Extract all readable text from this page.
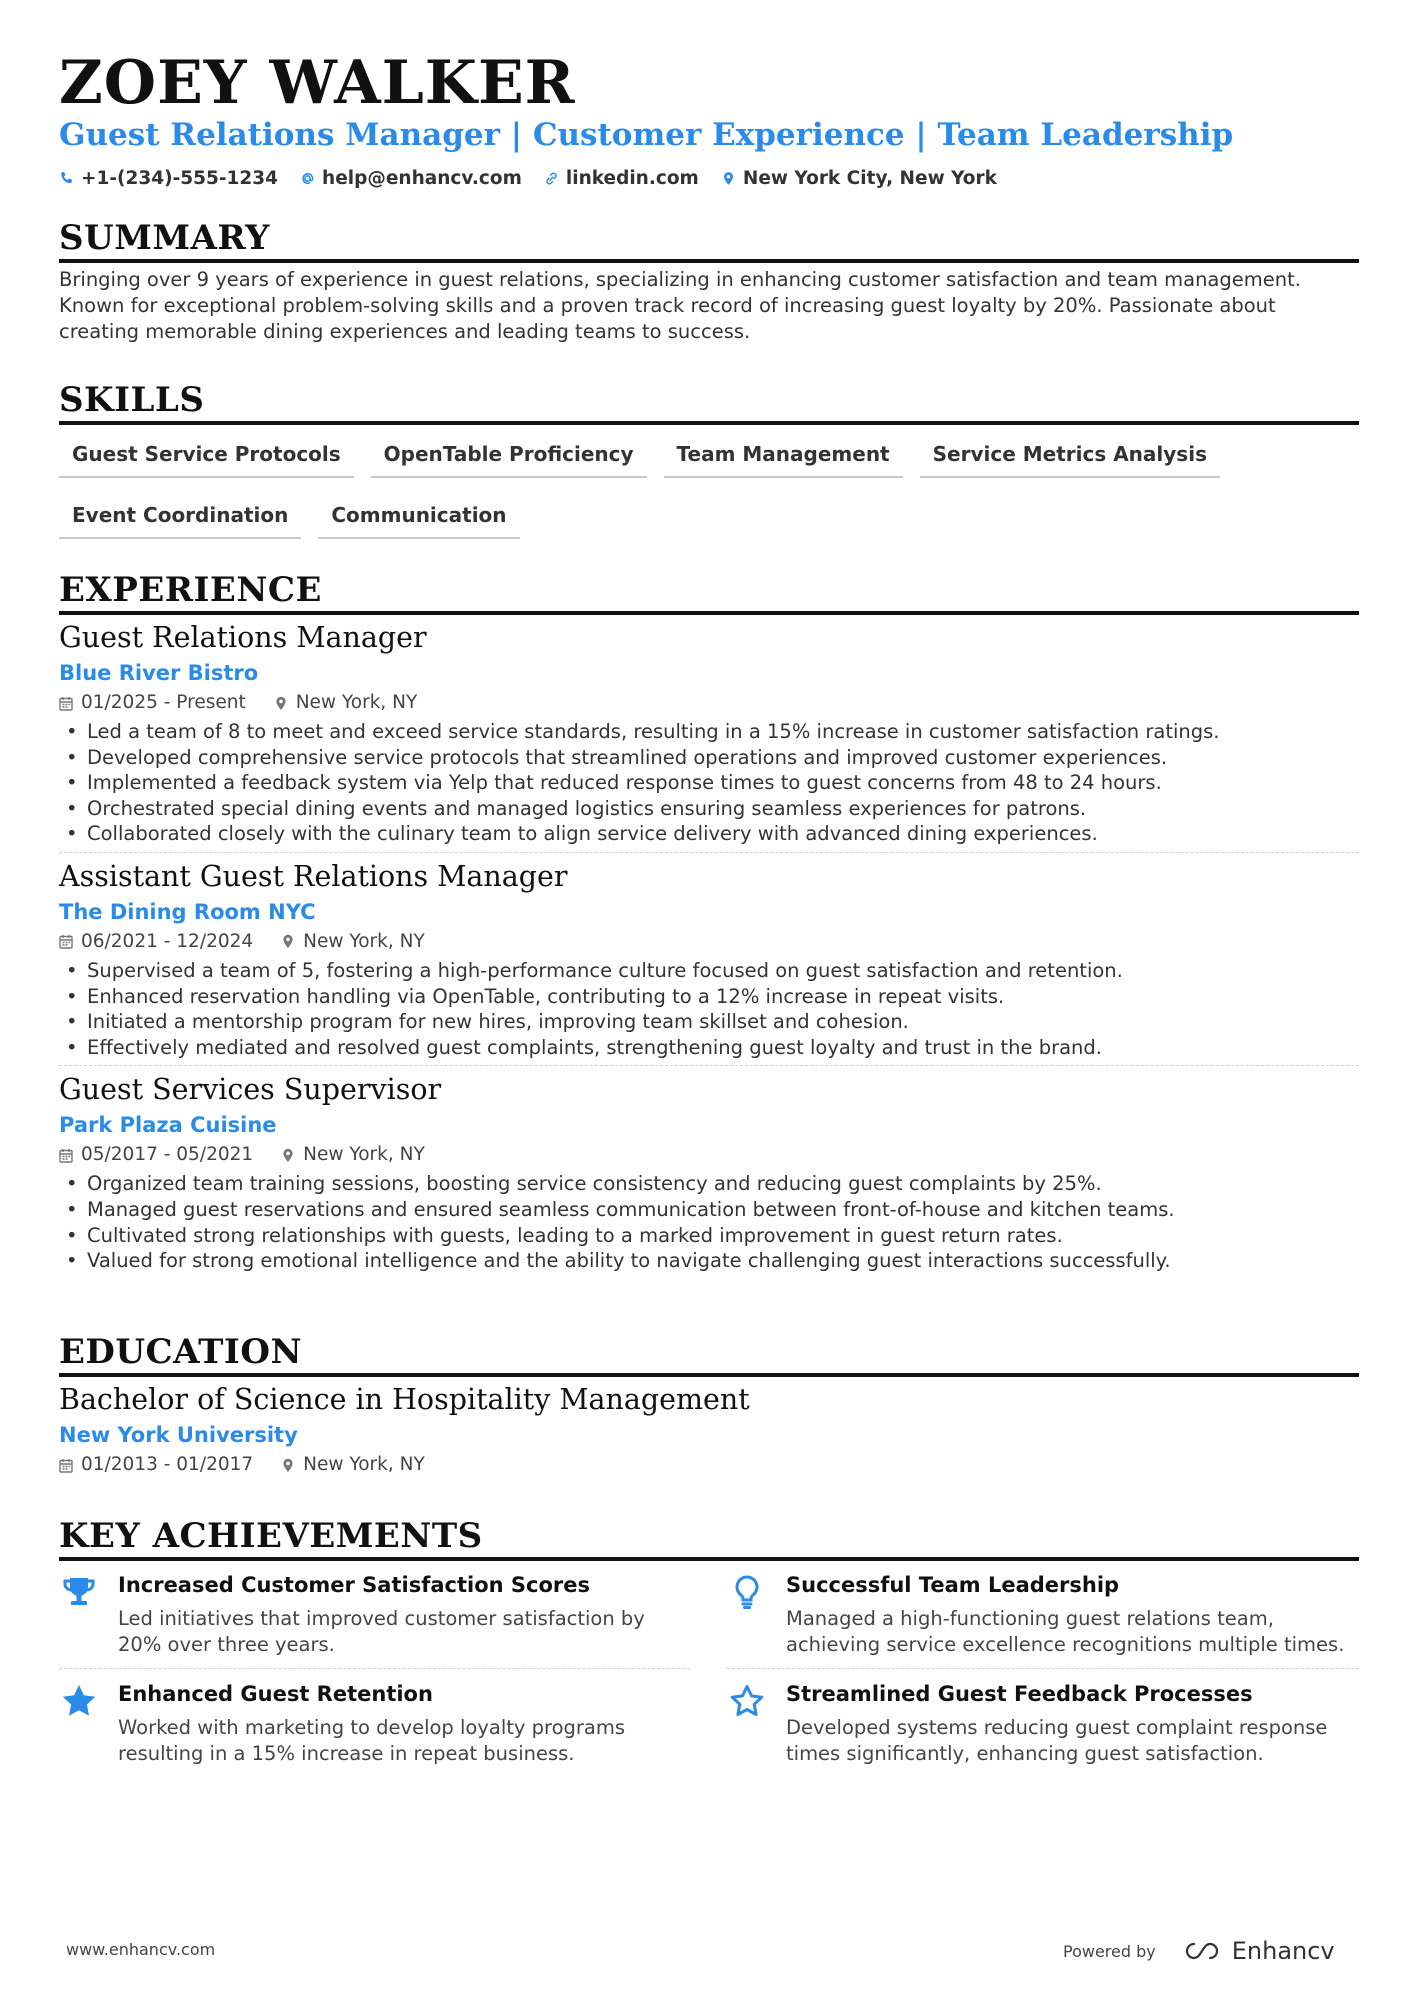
ZOEY WALKER
Guest Relations Manager | Customer Experience | Team Leadership
+1-(234)-555-1234 help@enhancv.com linkedin.com New York City, New York
SUMMARY
Bringing over 9 years of experience in guest relations, specializing in enhancing customer satisfaction and team management.
Known for exceptional problem-solving skills and a proven track record of increasing guest loyalty by 20%. Passionate about
creating memorable dining experiences and leading teams to success.
SKILLS
Guest Service Protocols	OpenTable Proficiency	Team Management	Service Metrics Analysis
Event Coordination	Communication
EXPERIENCE
Guest Relations Manager
Blue River Bistro
01/2025 - Present	New York, NY
• Led a team of 8 to meet and exceed service standards, resulting in a 15% increase in customer satisfaction ratings.
• Developed comprehensive service protocols that streamlined operations and improved customer experiences.
• Implemented a feedback system via Yelp that reduced response times to guest concerns from 48 to 24 hours.
• Orchestrated special dining events and managed logistics ensuring seamless experiences for patrons.
• Collaborated closely with the culinary team to align service delivery with advanced dining experiences.
Assistant Guest Relations Manager
The Dining Room NYC
06/2021 - 12/2024	New York, NY
• Supervised a team of 5, fostering a high-performance culture focused on guest satisfaction and retention.
• Enhanced reservation handling via OpenTable, contributing to a 12% increase in repeat visits.
• Initiated a mentorship program for new hires, improving team skillset and cohesion.
• Effectively mediated and resolved guest complaints, strengthening guest loyalty and trust in the brand.
Guest Services Supervisor
Park Plaza Cuisine
05/2017 - 05/2021	New York, NY
• Organized team training sessions, boosting service consistency and reducing guest complaints by 25%.
• Managed guest reservations and ensured seamless communication between front-of-house and kitchen teams.
• Cultivated strong relationships with guests, leading to a marked improvement in guest return rates.
• Valued for strong emotional intelligence and the ability to navigate challenging guest interactions successfully.
EDUCATION
Bachelor of Science in Hospitality Management
New York University
01/2013 - 01/2017	New York, NY
KEY ACHIEVEMENTS
Increased Customer Satisfaction Scores
Led initiatives that improved customer satisfaction by 20% over three years.
Successful Team Leadership
Managed a high-functioning guest relations team, achieving service excellence recognitions multiple times.
Enhanced Guest Retention
Worked with marketing to develop loyalty programs resulting in a 15% increase in repeat business.
Streamlined Guest Feedback Processes
Developed systems reducing guest complaint response times significantly, enhancing guest satisfaction.
www.enhancv.com	Powered by	Enhancv
